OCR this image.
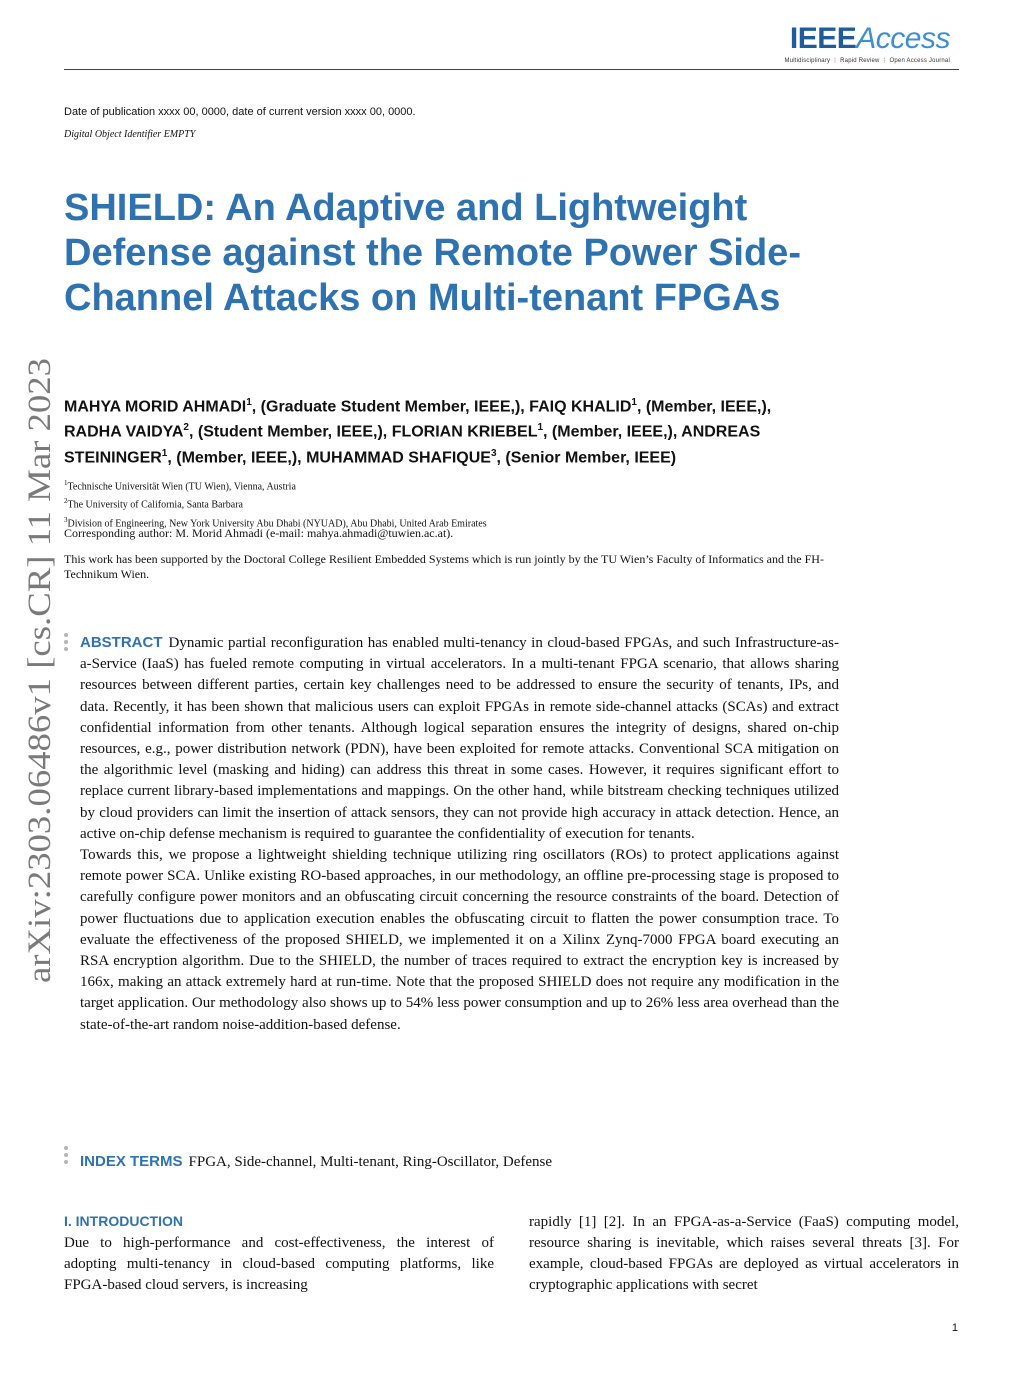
IEEEAccess
Multidisciplinary ⋮ Rapid Review ⋮ Open Access Journal
Date of publication xxxx 00, 0000, date of current version xxxx 00, 0000.
Digital Object Identifier EMPTY
arXiv:2303.06486v1 [cs.CR] 11 Mar 2023
SHIELD: An Adaptive and Lightweight Defense against the Remote Power Side-Channel Attacks on Multi-tenant FPGAs
MAHYA MORID AHMADI$^1$, (Graduate Student Member, IEEE,), FAIQ KHALID$^1$, (Member, IEEE,), RADHA VAIDYA$^2$, (Student Member, IEEE,), FLORIAN KRIEBEL$^1$, (Member, IEEE,), ANDREAS STEININGER$^1$, (Member, IEEE,), MUHAMMAD SHAFIQUE$^3$, (Senior Member, IEEE)
$^1$Technische Universität Wien (TU Wien), Vienna, Austria
$^2$The University of California, Santa Barbara
$^3$Division of Engineering, New York University Abu Dhabi (NYUAD), Abu Dhabi, United Arab Emirates
Corresponding author: M. Morid Ahmadi (e-mail: mahya.ahmadi@tuwien.ac.at).
This work has been supported by the Doctoral College Resilient Embedded Systems which is run jointly by the TU Wien’s Faculty of Informatics and the FH-Technikum Wien.

ABSTRACT Dynamic partial reconfiguration has enabled multi-tenancy in cloud-based FPGAs, and such Infrastructure-as-a-Service (IaaS) has fueled remote computing in virtual accelerators. In a multi-tenant FPGA scenario, that allows sharing resources between different parties, certain key challenges need to be addressed to ensure the security of tenants, IPs, and data. Recently, it has been shown that malicious users can exploit FPGAs in remote side-channel attacks (SCAs) and extract confidential information from other tenants. Although logical separation ensures the integrity of designs, shared on-chip resources, e.g., power distribution network (PDN), have been exploited for remote attacks. Conventional SCA mitigation on the algorithmic level (masking and hiding) can address this threat in some cases. However, it requires significant effort to replace current library-based implementations and mappings. On the other hand, while bitstream checking techniques utilized by cloud providers can limit the insertion of attack sensors, they can not provide high accuracy in attack detection. Hence, an active on-chip defense mechanism is required to guarantee the confidentiality of execution for tenants.

Towards this, we propose a lightweight shielding technique utilizing ring oscillators (ROs) to protect applications against remote power SCA. Unlike existing RO-based approaches, in our methodology, an offline pre-processing stage is proposed to carefully configure power monitors and an obfuscating circuit concerning the resource constraints of the board. Detection of power fluctuations due to application execution enables the obfuscating circuit to flatten the power consumption trace. To evaluate the effectiveness of the proposed SHIELD, we implemented it on a Xilinx Zynq-7000 FPGA board executing an RSA encryption algorithm. Due to the SHIELD, the number of traces required to extract the encryption key is increased by 166x, making an attack extremely hard at run-time. Note that the proposed SHIELD does not require any modification in the target application. Our methodology also shows up to 54% less power consumption and up to 26% less area overhead than the state-of-the-art random noise-addition-based defense.

INDEX TERMS FPGA, Side-channel, Multi-tenant, Ring-Oscillator, Defense
I. INTRODUCTION
Due to high-performance and cost-effectiveness, the interest of adopting multi-tenancy in cloud-based computing platforms, like FPGA-based cloud servers, is increasing
rapidly [1] [2]. In an FPGA-as-a-Service (FaaS) computing model, resource sharing is inevitable, which raises several threats [3]. For example, cloud-based FPGAs are deployed as virtual accelerators in cryptographic applications with secret
1
